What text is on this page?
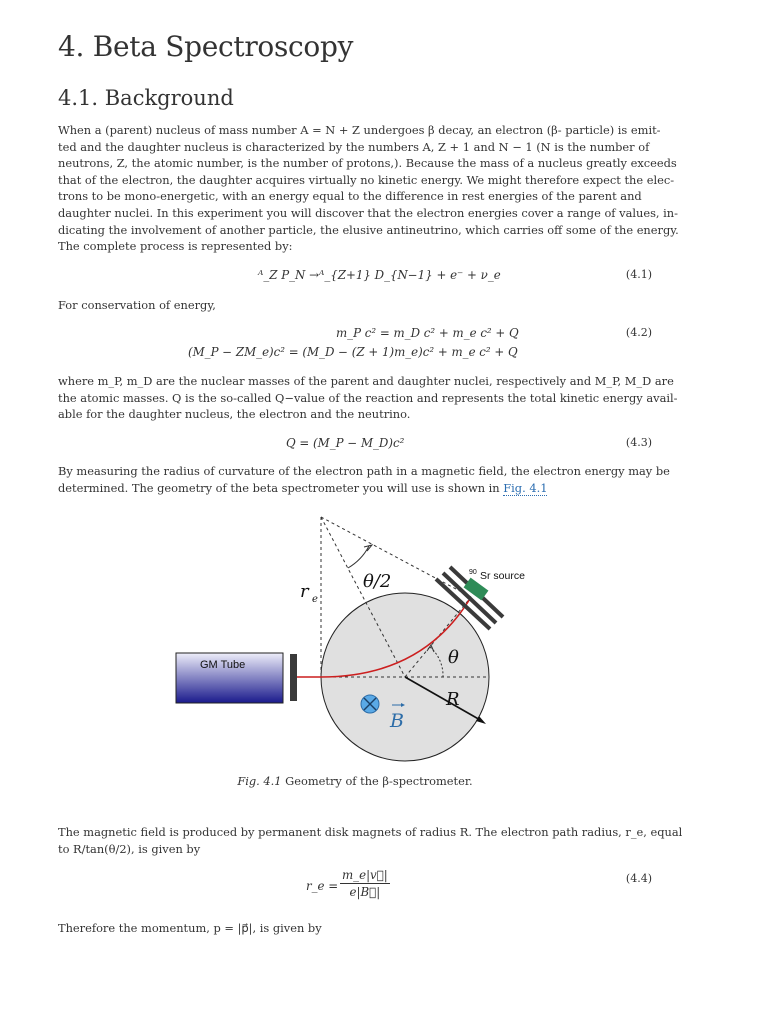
4. Beta Spectroscopy
4.1. Background
When a (parent) nucleus of mass number A = N + Z undergoes β decay, an electron (β- particle) is emit-
ted and the daughter nucleus is characterized by the numbers A, Z + 1 and N − 1 (N is the number of
neutrons, Z, the atomic number, is the number of protons,). Because the mass of a nucleus greatly exceeds
that of the electron, the daughter acquires virtually no kinetic energy. We might therefore expect the elec-
trons to be mono-energetic, with an energy equal to the difference in rest energies of the parent and
daughter nuclei. In this experiment you will discover that the electron energies cover a range of values, in-
dicating the involvement of another particle, the elusive antineutrino, which carries off some of the energy.
The complete process is represented by:
ᴬ_Z P_N →ᴬ_{Z+1} D_{N−1} + e⁻ + ν_e	(4.1)
For conservation of energy,
m_P c² = m_D c² + m_e c² + Q	(4.2)
(M_P − ZM_e)c² = (M_D − (Z + 1)m_e)c² + m_e c² + Q
where m_P, m_D are the nuclear masses of the parent and daughter nuclei, respectively and M_P, M_D are
the atomic masses. Q is the so-called Q−value of the reaction and represents the total kinetic energy avail-
able for the daughter nucleus, the electron and the neutrino.
Q = (M_P − M_D)c²	(4.3)
By measuring the radius of curvature of the electron path in a magnetic field, the electron energy may be
determined. The geometry of the beta spectrometer you will use is shown in Fig. 4.1
GM Tube
90 Sr source
r e
θ/2
θ
R
B
Fig. 4.1 Geometry of the β-spectrometer.
The magnetic field is produced by permanent disk magnets of radius R. The electron path radius, r_e, equal
to R/tan(θ/2), is given by
r_e = $\frac{m\_e|v⃗|}{e|B⃗|}$	(4.4)
Therefore the momentum, p = |p⃗|, is given by
